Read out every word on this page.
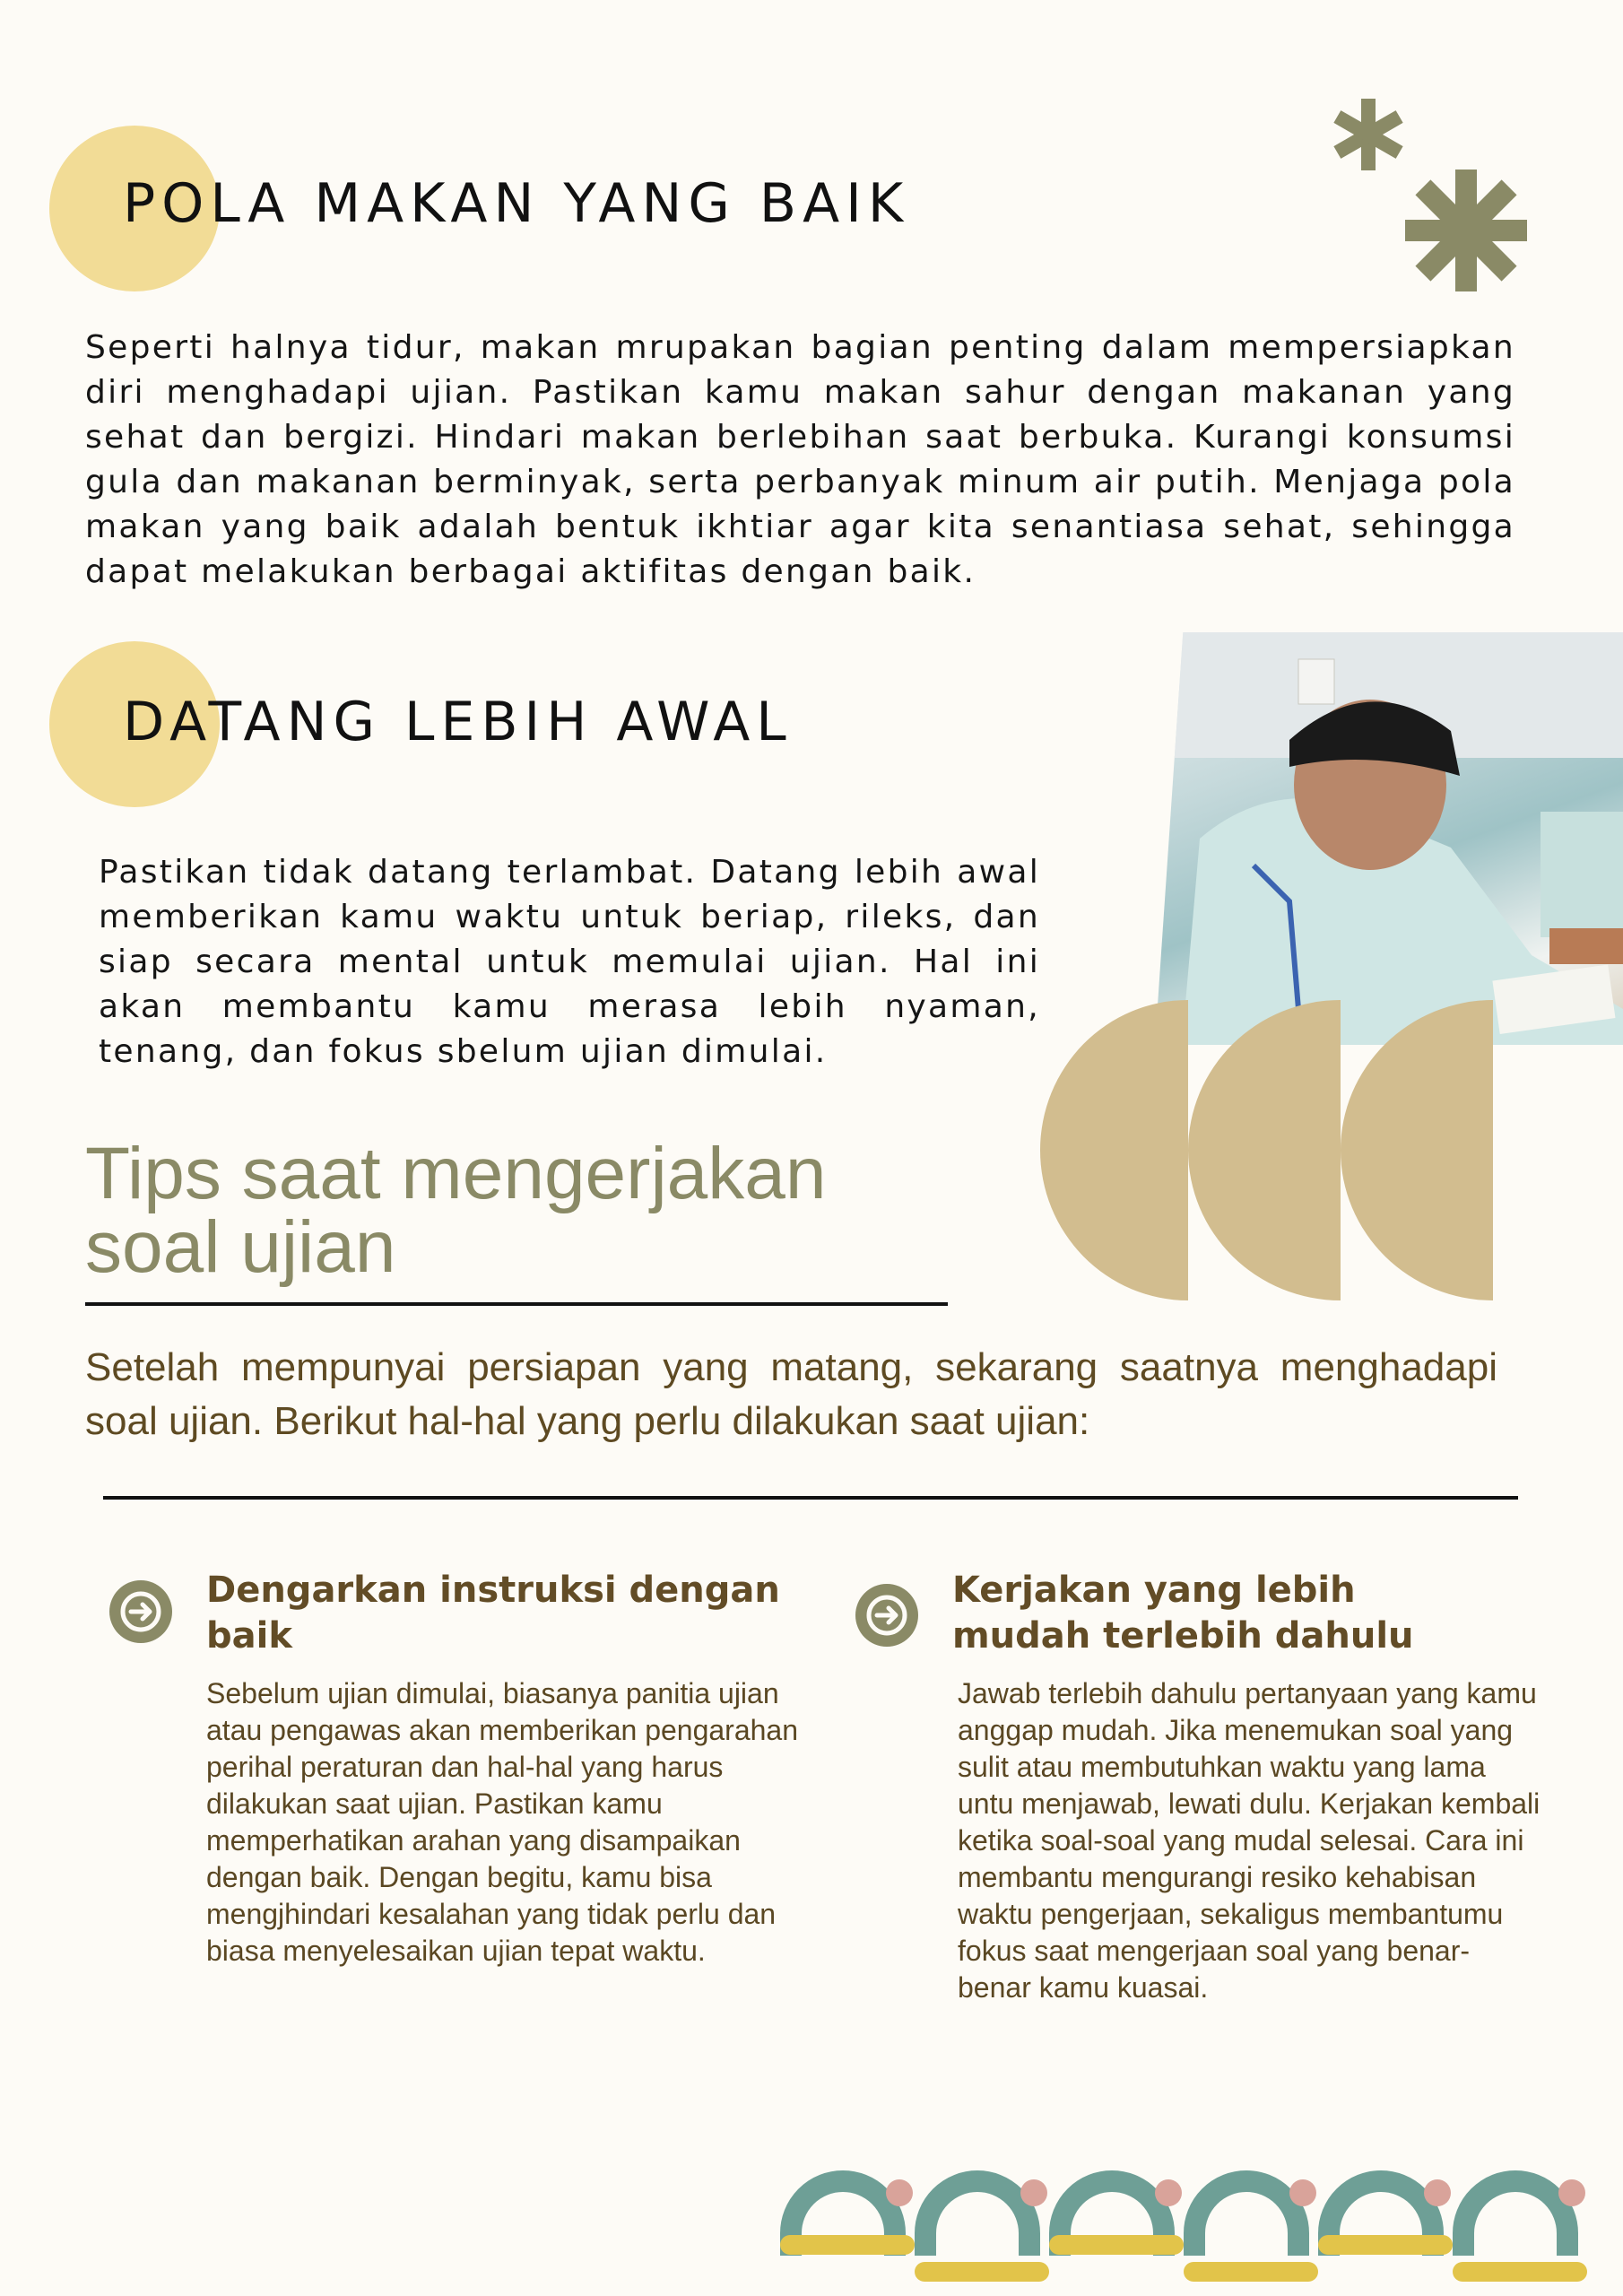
POLA MAKAN YANG BAIK

Seperti halnya tidur, makan mrupakan bagian penting dalam mempersiapkan diri menghadapi ujian. Pastikan kamu makan sahur dengan makanan yang sehat dan bergizi. Hindari makan berlebihan saat berbuka. Kurangi konsumsi gula dan makanan berminyak, serta perbanyak minum air putih. Menjaga pola makan yang baik adalah bentuk ikhtiar agar kita senantiasa sehat, sehingga dapat melakukan berbagai aktifitas dengan baik.

DATANG LEBIH AWAL

Pastikan tidak datang terlambat. Datang lebih awal memberikan kamu waktu untuk beriap, rileks, dan siap secara mental untuk memulai ujian. Hal ini akan membantu kamu merasa lebih nyaman, tenang, dan fokus sbelum ujian dimulai.

Tips saat mengerjakan
soal ujian

Setelah mempunyai persiapan yang matang, sekarang saatnya menghadapi soal ujian. Berikut hal-hal yang perlu dilakukan saat ujian:

Dengarkan instruksi dengan baik

Sebelum ujian dimulai, biasanya panitia ujian atau pengawas akan memberikan pengarahan perihal peraturan dan hal-hal yang harus dilakukan saat ujian. Pastikan kamu memperhatikan arahan yang disampaikan dengan baik. Dengan begitu, kamu bisa mengjhindari kesalahan yang tidak perlu dan biasa menyelesaikan ujian tepat waktu.

Kerjakan yang lebih mudah terlebih dahulu

Jawab terlebih dahulu pertanyaan yang kamu anggap mudah. Jika menemukan soal yang sulit atau membutuhkan waktu yang lama untu menjawab, lewati dulu. Kerjakan kembali ketika soal-soal yang mudal selesai. Cara ini membantu mengurangi resiko kehabisan waktu pengerjaan, sekaligus membantumu fokus saat mengerjaan soal yang benar-benar kamu kuasai.
